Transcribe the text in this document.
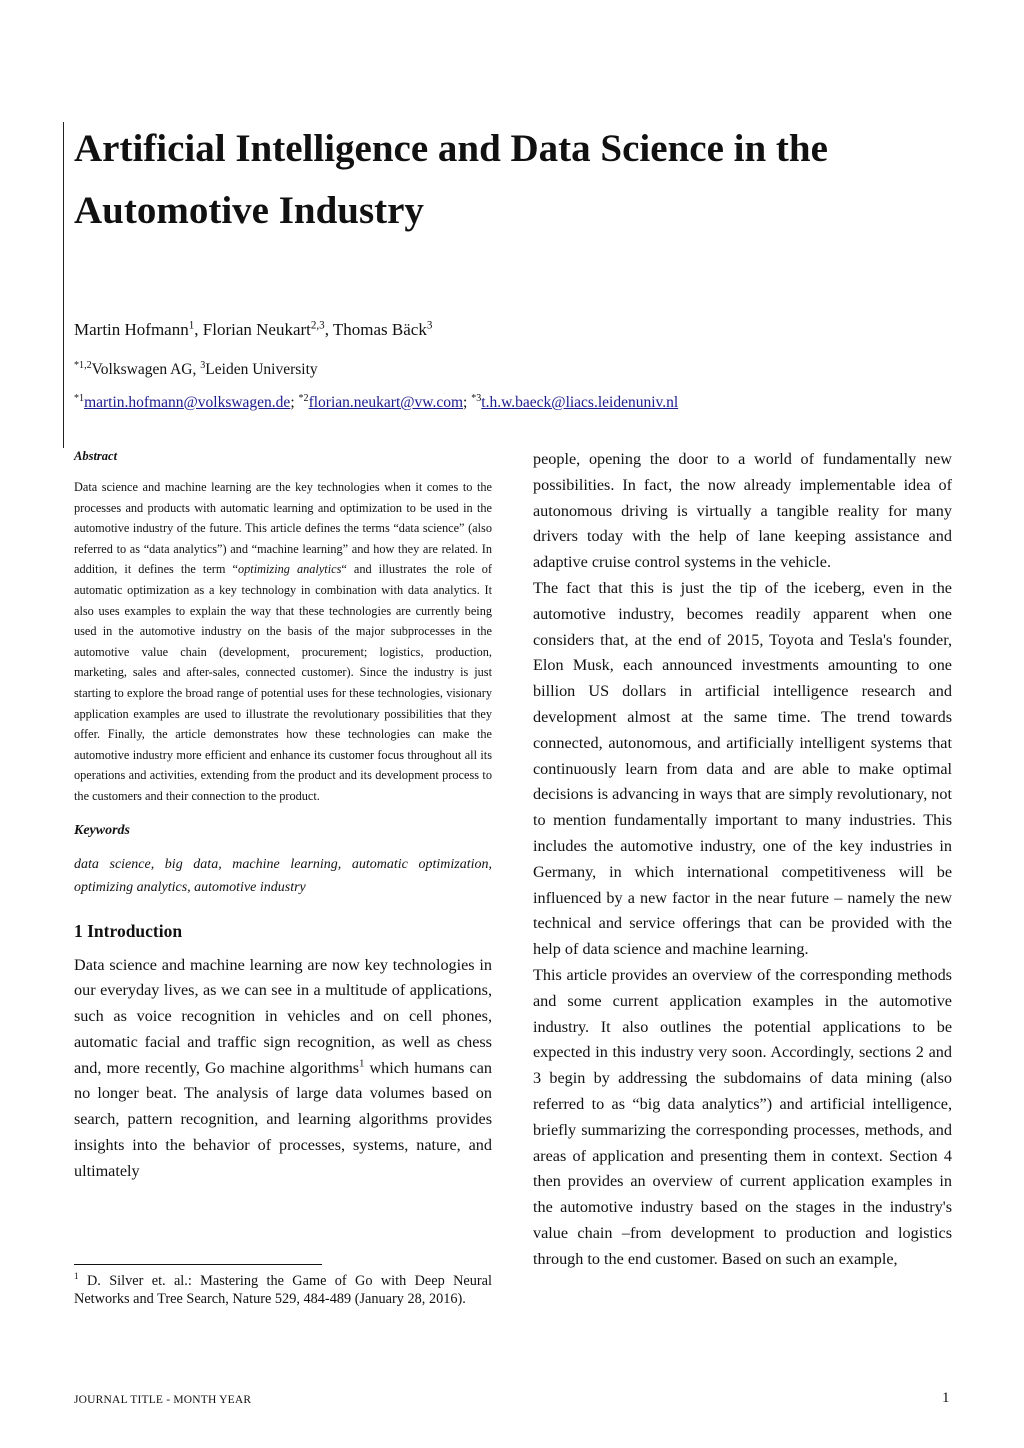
Artificial Intelligence and Data Science in the Automotive Industry
Martin Hofmann$^1$, Florian Neukart$^{2,3}$, Thomas Bäck$^3$
$^{*1,2}$Volkswagen AG, $^3$Leiden University
$^{*1}$martin.hofmann@volkswagen.de; $^{*2}$florian.neukart@vw.com; $^{*3}$t.h.w.baeck@liacs.leidenuniv.nl
Abstract

Data science and machine learning are the key technologies when it comes to the processes and products with automatic learning and optimization to be used in the automotive industry of the future. This article defines the terms “data science” (also referred to as “data analytics”) and “machine learning” and how they are related. In addition, it defines the term “optimizing analytics“ and illustrates the role of automatic optimization as a key technology in combination with data analytics. It also uses examples to explain the way that these technologies are currently being used in the automotive industry on the basis of the major subprocesses in the automotive value chain (development, procurement; logistics, production, marketing, sales and after-sales, connected customer). Since the industry is just starting to explore the broad range of potential uses for these technologies, visionary application examples are used to illustrate the revolutionary possibilities that they offer. Finally, the article demonstrates how these technologies can make the automotive industry more efficient and enhance its customer focus throughout all its operations and activities, extending from the product and its development process to the customers and their connection to the product.

Keywords

data science, big data, machine learning, automatic optimization, optimizing analytics, automotive industry

1 Introduction

Data science and machine learning are now key technologies in our everyday lives, as we can see in a multitude of applications, such as voice recognition in vehicles and on cell phones, automatic facial and traffic sign recognition, as well as chess and, more recently, Go machine algorithms$^1$ which humans can no longer beat. The analysis of large data volumes based on search, pattern recognition, and learning algorithms provides insights into the behavior of processes, systems, nature, and ultimately

$^1$ D. Silver et. al.: Mastering the Game of Go with Deep Neural Networks and Tree Search, Nature 529, 484-489 (January 28, 2016).

people, opening the door to a world of fundamentally new possibilities. In fact, the now already implementable idea of autonomous driving is virtually a tangible reality for many drivers today with the help of lane keeping assistance and adaptive cruise control systems in the vehicle.

The fact that this is just the tip of the iceberg, even in the automotive industry, becomes readily apparent when one considers that, at the end of 2015, Toyota and Tesla's founder, Elon Musk, each announced investments amounting to one billion US dollars in artificial intelligence research and development almost at the same time. The trend towards connected, autonomous, and artificially intelligent systems that continuously learn from data and are able to make optimal decisions is advancing in ways that are simply revolutionary, not to mention fundamentally important to many industries. This includes the automotive industry, one of the key industries in Germany, in which international competitiveness will be influenced by a new factor in the near future – namely the new technical and service offerings that can be provided with the help of data science and machine learning.

This article provides an overview of the corresponding methods and some current application examples in the automotive industry. It also outlines the potential applications to be expected in this industry very soon. Accordingly, sections 2 and 3 begin by addressing the subdomains of data mining (also referred to as “big data analytics”) and artificial intelligence, briefly summarizing the corresponding processes, methods, and areas of application and presenting them in context. Section 4 then provides an overview of current application examples in the automotive industry based on the stages in the industry's value chain –from development to production and logistics through to the end customer. Based on such an example,

JOURNAL TITLE - MONTH YEAR	1
